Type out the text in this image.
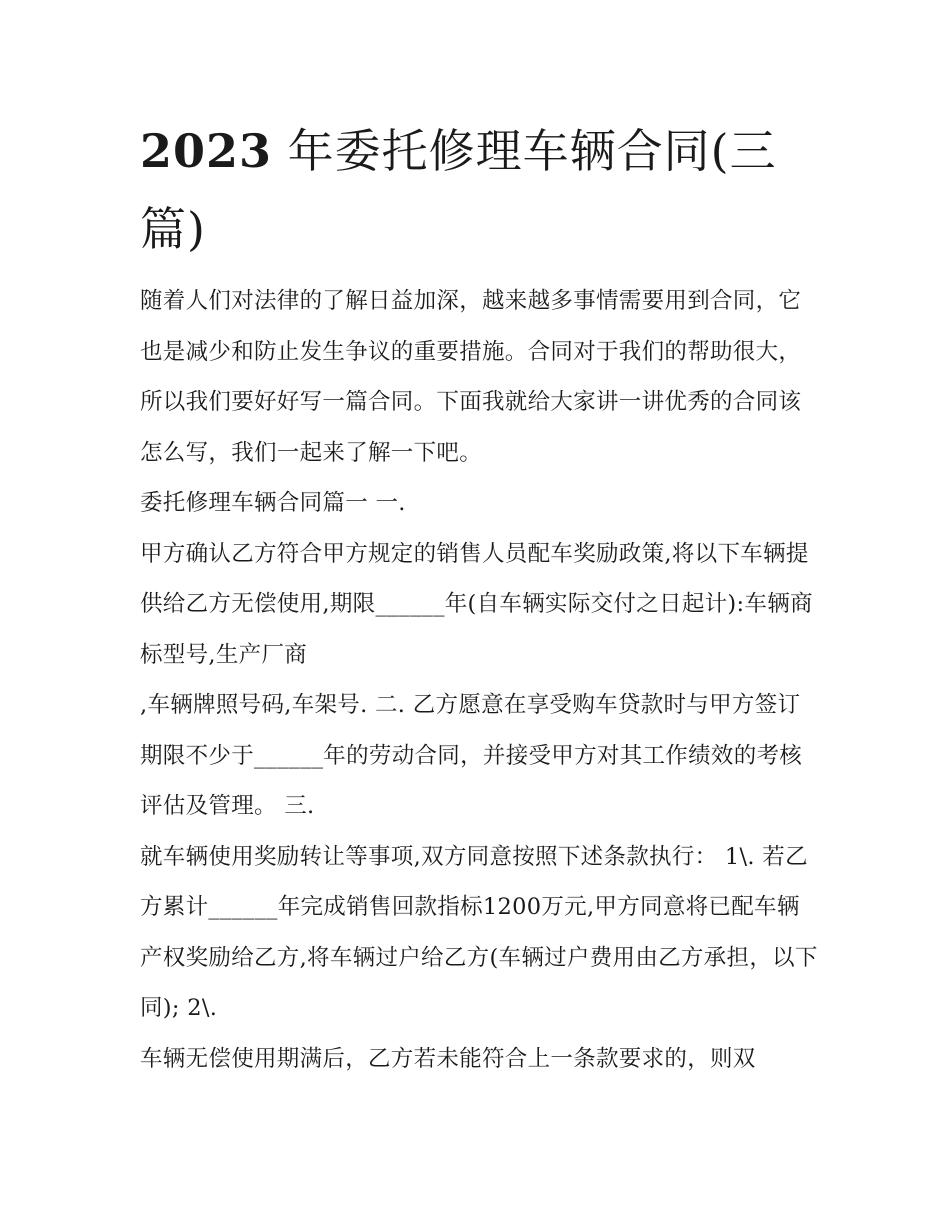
2023 年委托修理车辆合同(三篇)

随着人们对法律的了解日益加深，越来越多事情需要用到合同，它也是减少和防止发生争议的重要措施。合同对于我们的帮助很大，所以我们要好好写一篇合同。下面我就给大家讲一讲优秀的合同该怎么写，我们一起来了解一下吧。

委托修理车辆合同篇一 一.

甲方确认乙方符合甲方规定的销售人员配车奖励政策,将以下车辆提供给乙方无偿使用,期限______年(自车辆实际交付之日起计):车辆商标型号,生产厂商

,车辆牌照号码,车架号. 二. 乙方愿意在享受购车贷款时与甲方签订期限不少于______年的劳动合同，并接受甲方对其工作绩效的考核评估及管理。 三.

就车辆使用奖励转让等事项,双方同意按照下述条款执行： 1\. 若乙方累计______年完成销售回款指标1200万元,甲方同意将已配车辆产权奖励给乙方,将车辆过户给乙方(车辆过户费用由乙方承担，以下同); 2\.

车辆无偿使用期满后，乙方若未能符合上一条款要求的，则双
